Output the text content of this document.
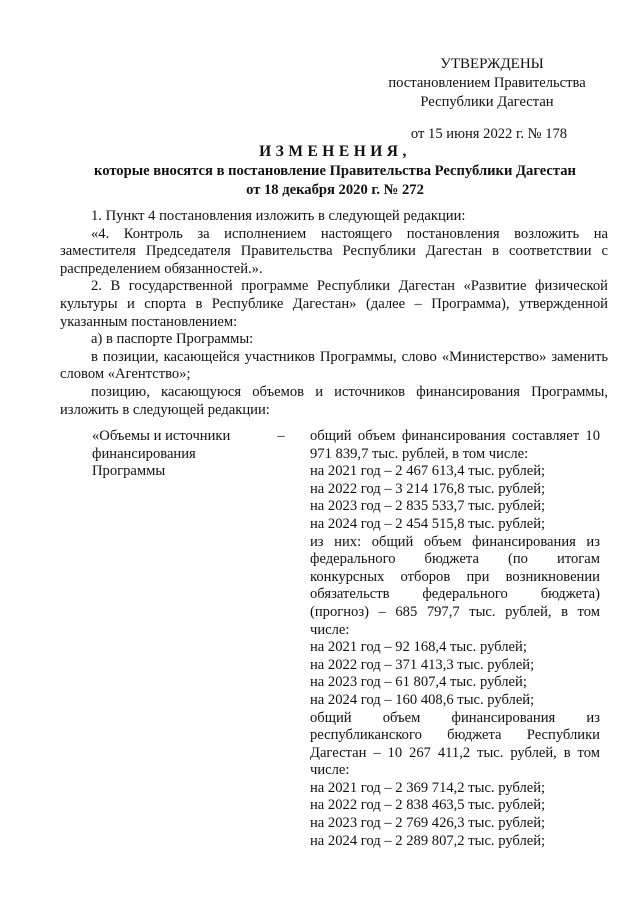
УТВЕРЖДЕНЫ
постановлением Правительства
Республики Дагестан
от 15 июня 2022 г. № 178
ИЗМЕНЕНИЯ,
которые вносятся в постановление Правительства Республики Дагестан
от 18 декабря 2020 г. № 272

1. Пункт 4 постановления изложить в следующей редакции:

«4. Контроль за исполнением настоящего постановления возложить на заместителя Председателя Правительства Республики Дагестан в соответствии с распределением обязанностей.».

2. В государственной программе Республики Дагестан «Развитие физической культуры и спорта в Республике Дагестан» (далее – Программа), утвержденной указанным постановлением:

а) в паспорте Программы:

в позиции, касающейся участников Программы, слово «Министерство» заменить словом «Агентство»;

позицию, касающуюся объемов и источников финансирования Программы, изложить в следующей редакции:

«Объемы и источники финансирования Программы
–	общий объем финансирования составляет 10 971 839,7 тыс. рублей, в том числе:
на 2021 год – 2 467 613,4 тыс. рублей;
на 2022 год – 3 214 176,8 тыс. рублей;
на 2023 год – 2 835 533,7 тыс. рублей;
на 2024 год – 2 454 515,8 тыс. рублей;
из них: общий объем финансирования из федерального бюджета (по итогам конкурсных отборов при возникновении обязательств федерального бюджета) (прогноз) – 685 797,7 тыс. рублей, в том числе:
на 2021 год – 92 168,4 тыс. рублей;
на 2022 год – 371 413,3 тыс. рублей;
на 2023 год – 61 807,4 тыс. рублей;
на 2024 год – 160 408,6 тыс. рублей;
общий объем финансирования из республиканского бюджета Республики Дагестан – 10 267 411,2 тыс. рублей, в том числе:
на 2021 год – 2 369 714,2 тыс. рублей;
на 2022 год – 2 838 463,5 тыс. рублей;
на 2023 год – 2 769 426,3 тыс. рублей;
на 2024 год – 2 289 807,2 тыс. рублей;
